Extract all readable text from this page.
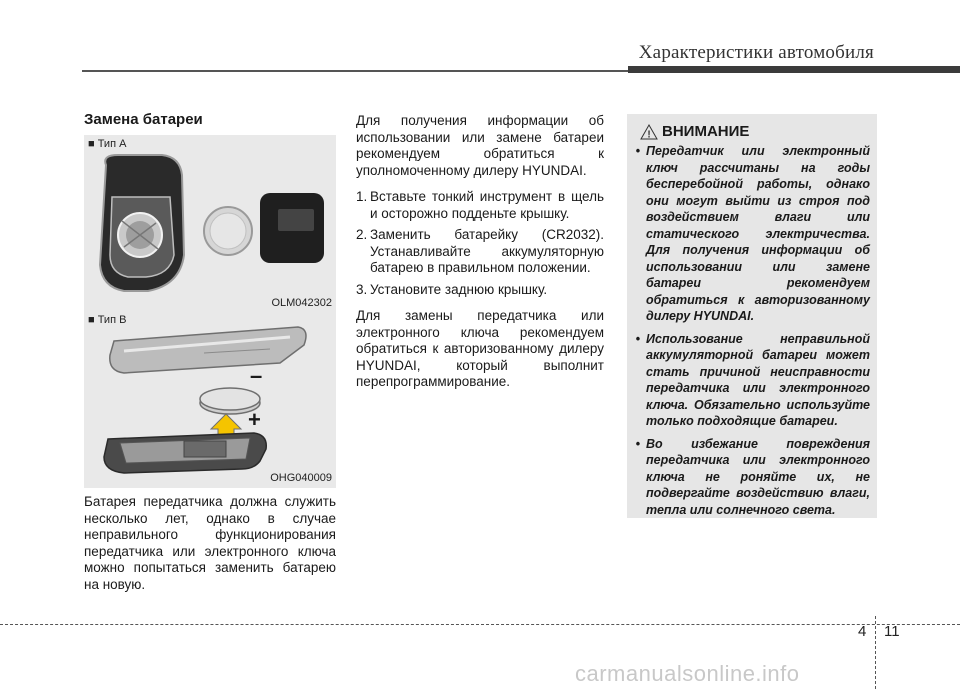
Характеристики автомобиля
Замена батареи
■ Тип A
OLM042302
■ Тип B
–
+
OHG040009
Батарея передатчика должна служить несколько лет, однако в случае неправильного функционирования передатчика или электронного ключа можно попытаться заменить батарею на новую.

Для получения информации об использовании или замене батареи рекомендуем обратиться к уполномоченному дилеру HYUNDAI.

1. Вставьте тонкий инструмент в щель и осторожно подденьте крышку.
2. Заменить батарейку (CR2032). Устанавливайте аккумуляторную батарею в правильном положении.
3. Установите заднюю крышку.

Для замены передатчика или электронного ключа рекомендуем обратиться к авторизованному дилеру HYUNDAI, который выполнит перепрограммирование.

! ВНИМАНИЕ
• Передатчик или электронный ключ рассчитаны на годы бесперебойной работы, однако они могут выйти из строя под воздействием влаги или статического электричества. Для получения информации об использовании или замене батареи рекомендуем обратиться к авторизованному дилеру HYUNDAI.
• Использование неправильной аккумуляторной батареи может стать причиной неисправности передатчика или электронного ключа. Обязательно используйте только подходящие батареи.
• Во избежание повреждения передатчика или электронного ключа не роняйте их, не подвергайте воздействию влаги, тепла или солнечного света.
4 11
carmanualsonline.info
